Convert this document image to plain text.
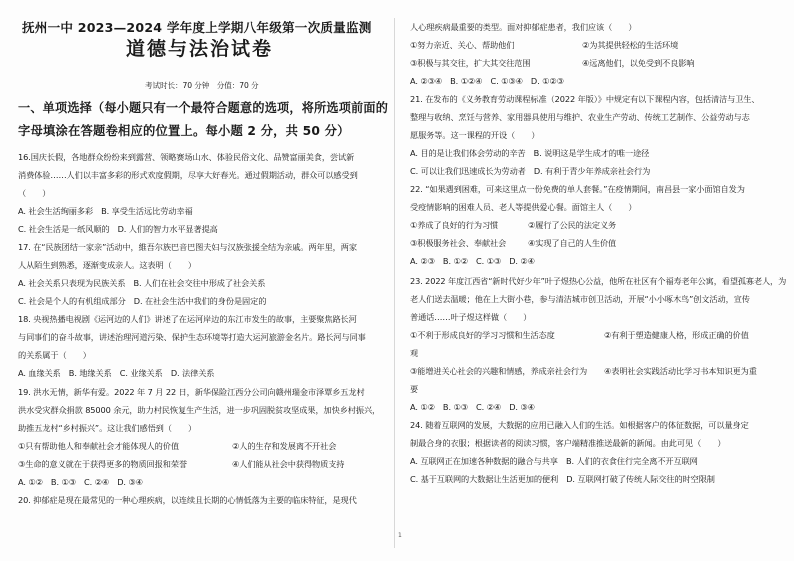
抚州一中 2023—2024 学年度上学期八年级第一次质量监测
道德与法治试卷
考试时长：70 分钟　分值：70 分
一、单项选择（每小题只有一个最符合题意的选项，将所选项前面的
字母填涂在答题卷相应的位置上。每小题 2 分，共 50 分）
16.国庆长假，各地群众纷纷来到露营、领略赛场山水、体验民俗文化、品赞富丽美食，尝试新
消费体验……人们以丰富多彩的形式欢度假期，尽享大好春光。通过假期活动，群众可以感受到
（　　）
A. 社会生活绚丽多彩　B. 享受生活远比劳动幸福
C. 社会生活是一纸风顺的　D. 人们的智力水平显著提高
17. 在“民族团结一家亲”活动中，維吾尔族巴音巴图夫妇与汉族张援全结为亲戚。两年里，两家
人从陌生到熟悉，逐渐变成亲人。这表明（　　）
A. 社会关系只表现为民族关系　B. 人们在社会交往中形成了社会关系
C. 社会是个人的有机组成部分　D. 在社会生活中我们的身份是固定的
18. 央视热播电视剧《运河边的人们》讲述了在运河岸边的东江市发生的故事，主要聚焦路长河
与同事们的奋斗故事，讲述治理河道污染、保护生态环境等打造大运河旅游金名片。路长河与同事
的关系属于（　　）
A. 血缘关系　B. 地缘关系　C. 业缘关系　D. 法律关系
19. 洪水无情，新华有爱。2022 年 7 月 22 日，新华保险江西分公司向赣州瑞金市泽覃乡五龙村
洪水受灾群众捐款 85000 余元，助力村民恢复生产生活，进一步巩固脱贫攻坚成果，加快乡村振兴，
助推五龙村“乡村振兴”。这让我们感悟到（　　）
①只有帮助他人和奉献社会才能体现人的价值	②人的生存和发展离不开社会
③生命的意义就在于获得更多的物质回报和荣誉	④人们能从社会中获得物质支持
A. ①②　B. ①③　C. ②④　D. ③④
20. 抑郁症是现在最常见的一种心理疾病，以连续且长期的心情低落为主要的临床特征，是现代
人心理疾病最重要的类型。面对抑郁症患者，我们应该（　　）
①努力亲近、关心、帮助他们	②为其提供轻松的生活环境
③积极与其交往，扩大其交往范围	④远离他们，以免受到不良影响
A. ②③④　B. ①②④　C. ①③④　D. ①②③
21. 在发布的《义务教育劳动课程标准（2022 年版）》中规定有以下课程内容，包括清洁与卫生、
整理与收纳、烹饪与营养、家用器具使用与维护、农业生产劳动、传统工艺制作、公益劳动与志
愿服务等。这一课程的开设（　　）
A. 目的是让我们体会劳动的辛苦　B. 说明这是学生成才的唯一途径
C. 可以让我们迅速成长为劳动者　D. 有利于青少年养成亲社会行为
22. “如果遇到困难，可来这里点一份免费的单人套餐。”在疫情期间，南昌县一家小面馆自发为
受疫情影响的困难人员、老人等提供爱心餐。面馆主人（　　）
①养成了良好的行为习惯	②履行了公民的法定义务
③积极服务社会、奉献社会	④实现了自己的人生价值
A. ②③　B. ①②　C. ①③　D. ②④
23. 2022 年度江西省“新时代好少年”叶子煜热心公益，他所在社区有个福寿老年公寓，看望孤寡老人，为
老人们送去温暖；他在上大街小巷，参与清洁城市创卫活动，开展“小小啄木鸟”创文活动，宣传
普通话……叶子煜这样做（　　）
①不利于形成良好的学习习惯和生活态度	②有利于塑造健康人格，形成正确的价值
观
③能增进关心社会的兴趣和情感，养成亲社会行为 ④表明社会实践活动比学习书本知识更为重
要
A. ①②　B. ①③　C. ②④　D. ③④
24. 随着互联网的发展，大数据的应用已融入人们的生活。如根据客户的体征数据，可以量身定
制最合身的衣服；根据读者的阅读习惯，客户端精准推送最新的新闻。由此可见（　　）
A. 互联网正在加速各种数据的融合与共享　B. 人们的衣食住行完全离不开互联网
C. 基于互联网的大数据让生活更加的便利　D. 互联网打破了传统人际交往的时空限制
1
